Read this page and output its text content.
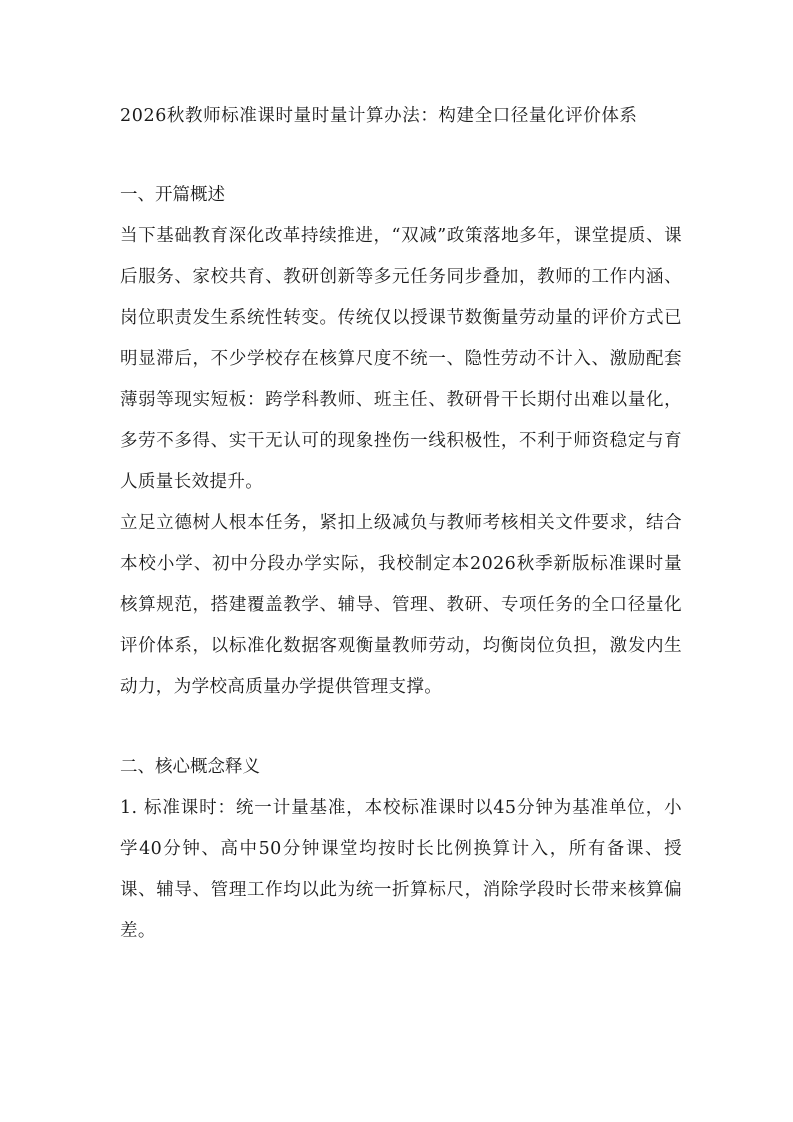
2026秋教师标准课时量时量计算办法：构建全口径量化评价体系
一、开篇概述

当下基础教育深化改革持续推进，“双减”政策落地多年，课堂提质、课后服务、家校共育、教研创新等多元任务同步叠加，教师的工作内涵、岗位职责发生系统性转变。传统仅以授课节数衡量劳动量的评价方式已明显滞后，不少学校存在核算尺度不统一、隐性劳动不计入、激励配套薄弱等现实短板：跨学科教师、班主任、教研骨干长期付出难以量化，多劳不多得、实干无认可的现象挫伤一线积极性，不利于师资稳定与育人质量长效提升。

立足立德树人根本任务，紧扣上级减负与教师考核相关文件要求，结合本校小学、初中分段办学实际，我校制定本2026秋季新版标准课时量核算规范，搭建覆盖教学、辅导、管理、教研、专项任务的全口径量化评价体系，以标准化数据客观衡量教师劳动，均衡岗位负担，激发内生动力，为学校高质量办学提供管理支撑。

二、核心概念释义

1. 标准课时：统一计量基准，本校标准课时以45分钟为基准单位，小学40分钟、高中50分钟课堂均按时长比例换算计入，所有备课、授课、辅导、管理工作均以此为统一折算标尺，消除学段时长带来核算偏差。
